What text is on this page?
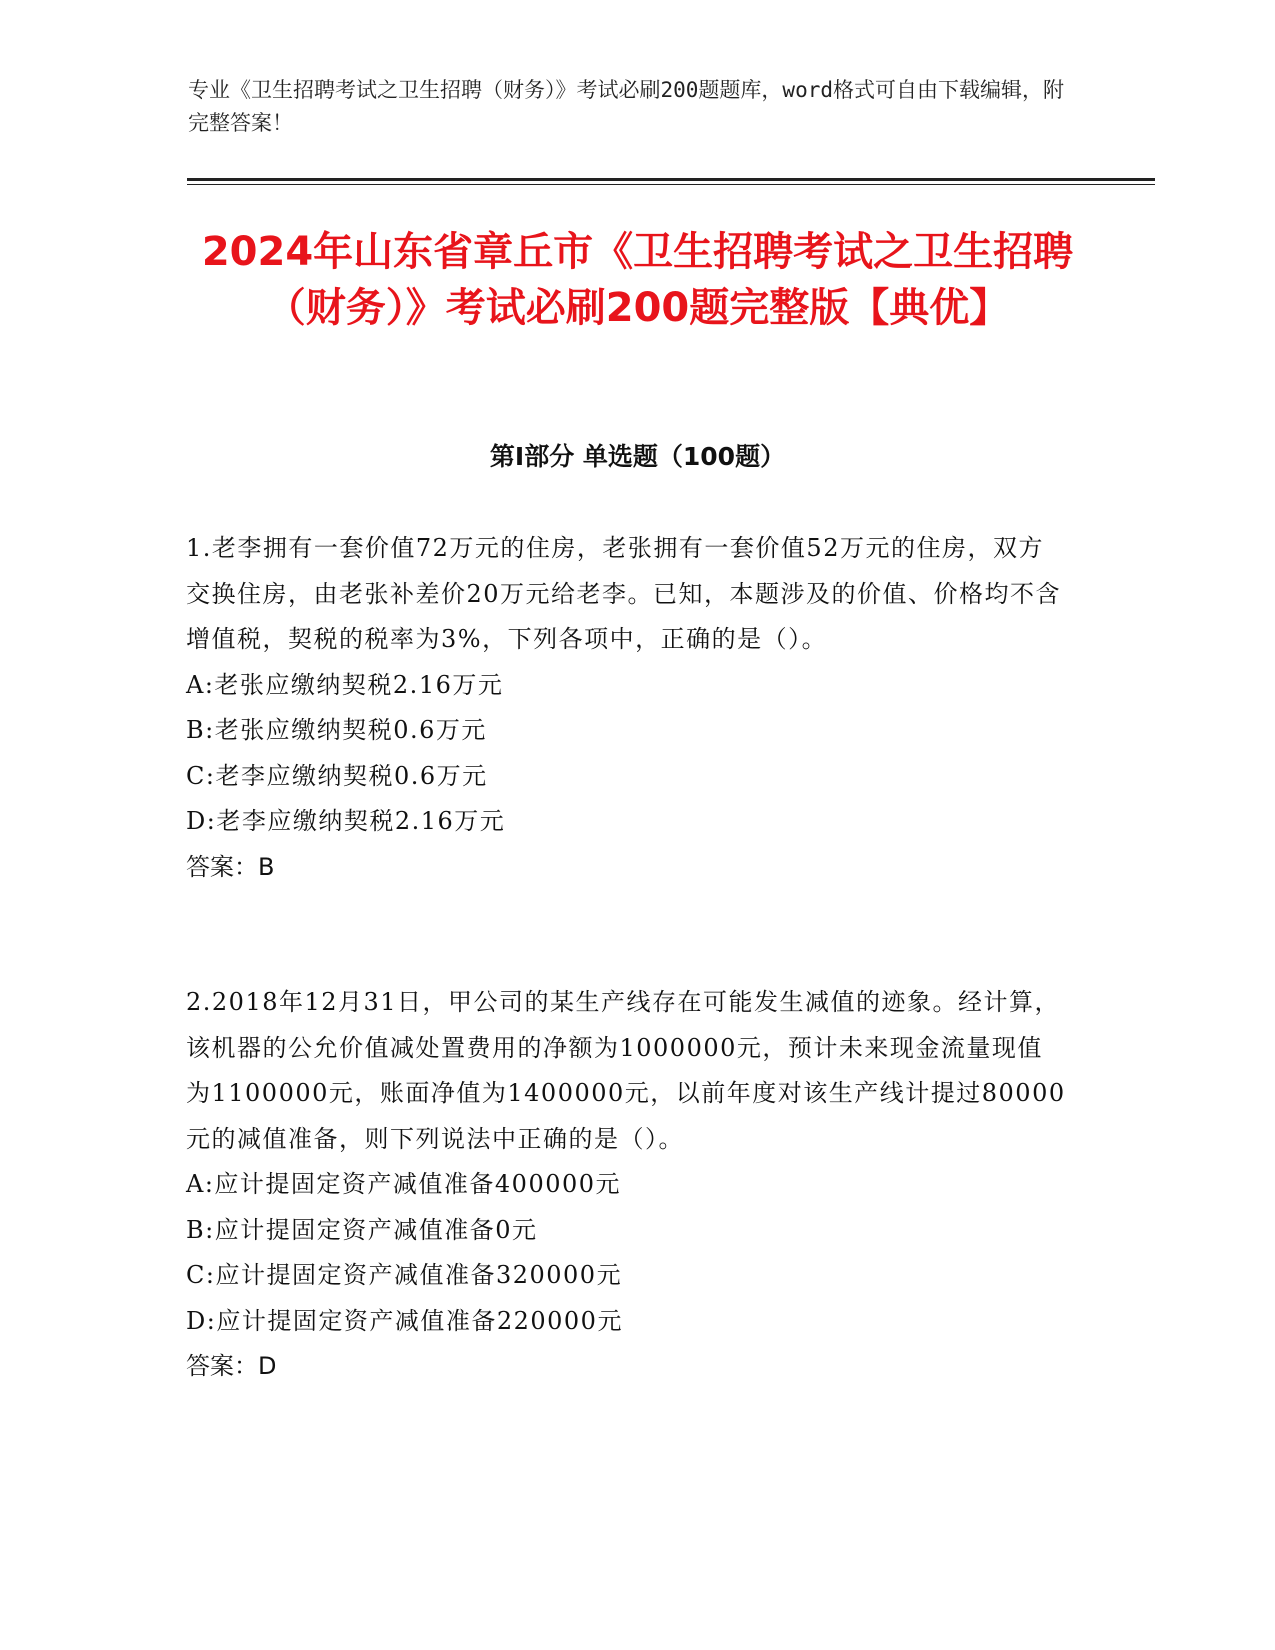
专业《卫生招聘考试之卫生招聘（财务）》考试必刷200题题库，word格式可自由下载编辑，附完整答案！
2024年山东省章丘市《卫生招聘考试之卫生招聘（财务）》考试必刷200题完整版【典优】
第I部分 单选题（100题）

1.老李拥有一套价值72万元的住房，老张拥有一套价值52万元的住房，双方交换住房，由老张补差价20万元给老李。已知，本题涉及的价值、价格均不含增值税，契税的税率为3%，下列各项中，正确的是（）。

A:老张应缴纳契税2.16万元
B:老张应缴纳契税0.6万元
C:老李应缴纳契税0.6万元
D:老李应缴纳契税2.16万元

答案：B

2.2018年12月31日，甲公司的某生产线存在可能发生减值的迹象。经计算，该机器的公允价值减处置费用的净额为1000000元，预计未来现金流量现值为1100000元，账面净值为1400000元，以前年度对该生产线计提过80000元的减值准备，则下列说法中正确的是（）。

A:应计提固定资产减值准备400000元
B:应计提固定资产减值准备0元
C:应计提固定资产减值准备320000元
D:应计提固定资产减值准备220000元

答案：D
